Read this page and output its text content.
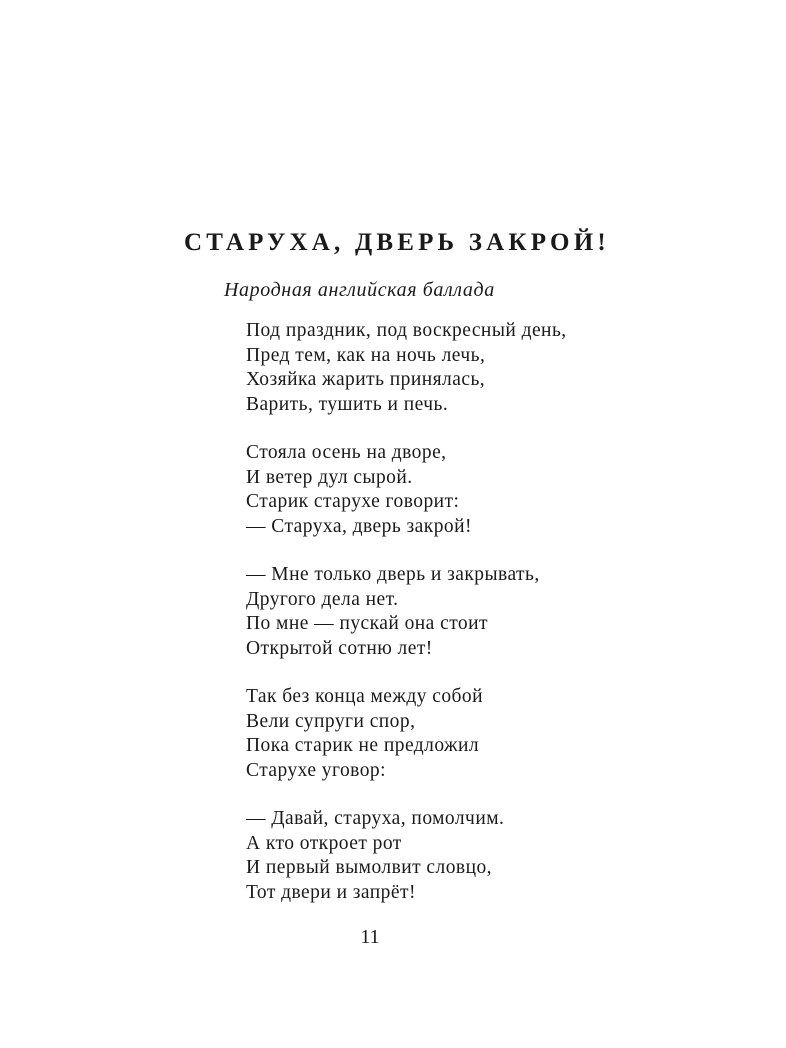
СТАРУХА, ДВЕРЬ ЗАКРОЙ!
Народная английская баллада
Под праздник, под воскресный день,
Пред тем, как на ночь лечь,
Хозяйка жарить принялась,
Варить, тушить и печь.
Стояла осень на дворе,
И ветер дул сырой.
Старик старухе говорит:
— Старуха, дверь закрой!
— Мне только дверь и закрывать,
Другого дела нет.
По мне — пускай она стоит
Открытой сотню лет!
Так без конца между собой
Вели супруги спор,
Пока старик не предложил
Старухе уговор:
— Давай, старуха, помолчим.
А кто откроет рот
И первый вымолвит словцо,
Тот двери и запрёт!
11
